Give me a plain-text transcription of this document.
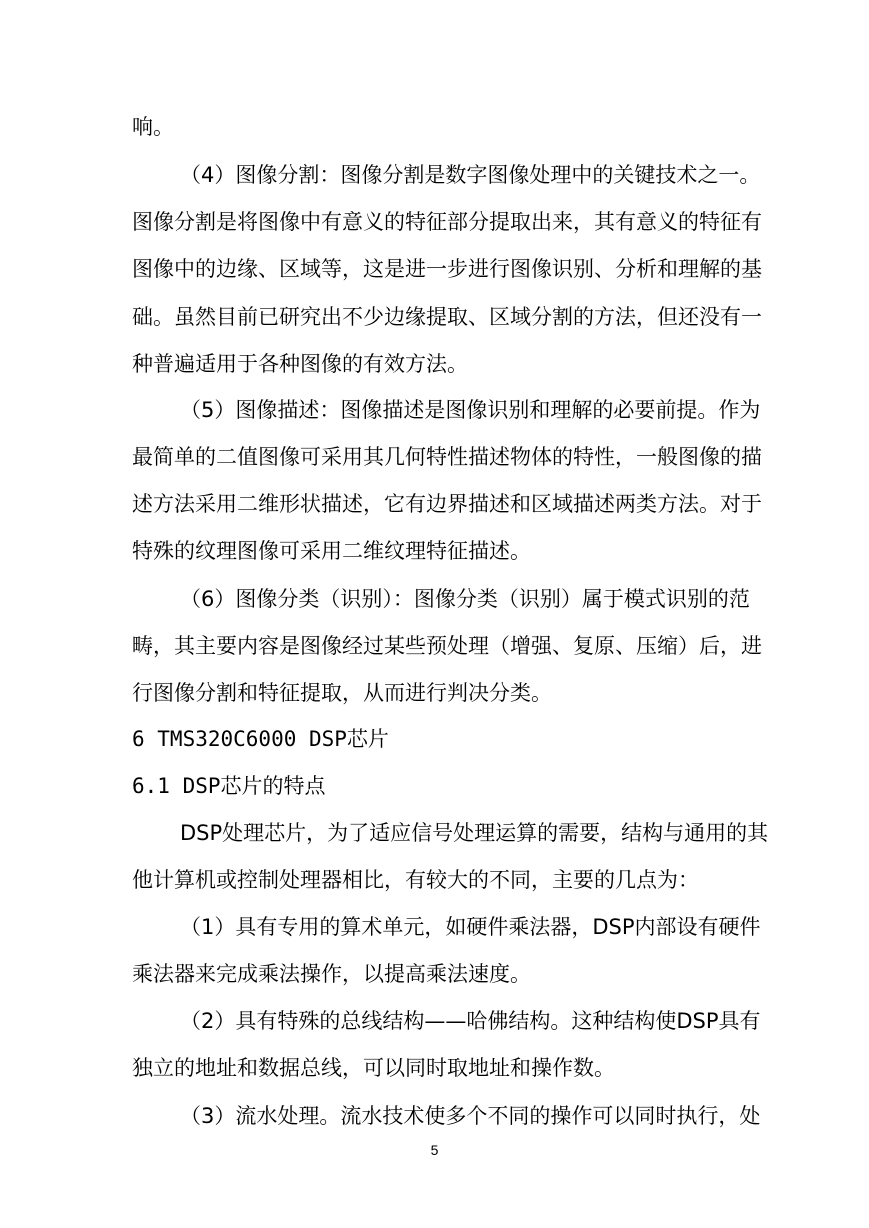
响。
（4）图像分割：图像分割是数字图像处理中的关键技术之一。
图像分割是将图像中有意义的特征部分提取出来，其有意义的特征有
图像中的边缘、区域等，这是进一步进行图像识别、分析和理解的基
础。虽然目前已研究出不少边缘提取、区域分割的方法，但还没有一
种普遍适用于各种图像的有效方法。
（5）图像描述：图像描述是图像识别和理解的必要前提。作为
最简单的二值图像可采用其几何特性描述物体的特性，一般图像的描
述方法采用二维形状描述，它有边界描述和区域描述两类方法。对于
特殊的纹理图像可采用二维纹理特征描述。
（6）图像分类（识别）：图像分类（识别）属于模式识别的范
畴，其主要内容是图像经过某些预处理（增强、复原、压缩）后，进
行图像分割和特征提取，从而进行判决分类。
6 TMS320C6000 DSP芯片
6.1 DSP芯片的特点
DSP处理芯片，为了适应信号处理运算的需要，结构与通用的其
他计算机或控制处理器相比，有较大的不同，主要的几点为：
（1）具有专用的算术单元，如硬件乘法器，DSP内部设有硬件
乘法器来完成乘法操作，以提高乘法速度。
（2）具有特殊的总线结构——哈佛结构。这种结构使DSP具有
独立的地址和数据总线，可以同时取地址和操作数。
（3）流水处理。流水技术使多个不同的操作可以同时执行，处
5
